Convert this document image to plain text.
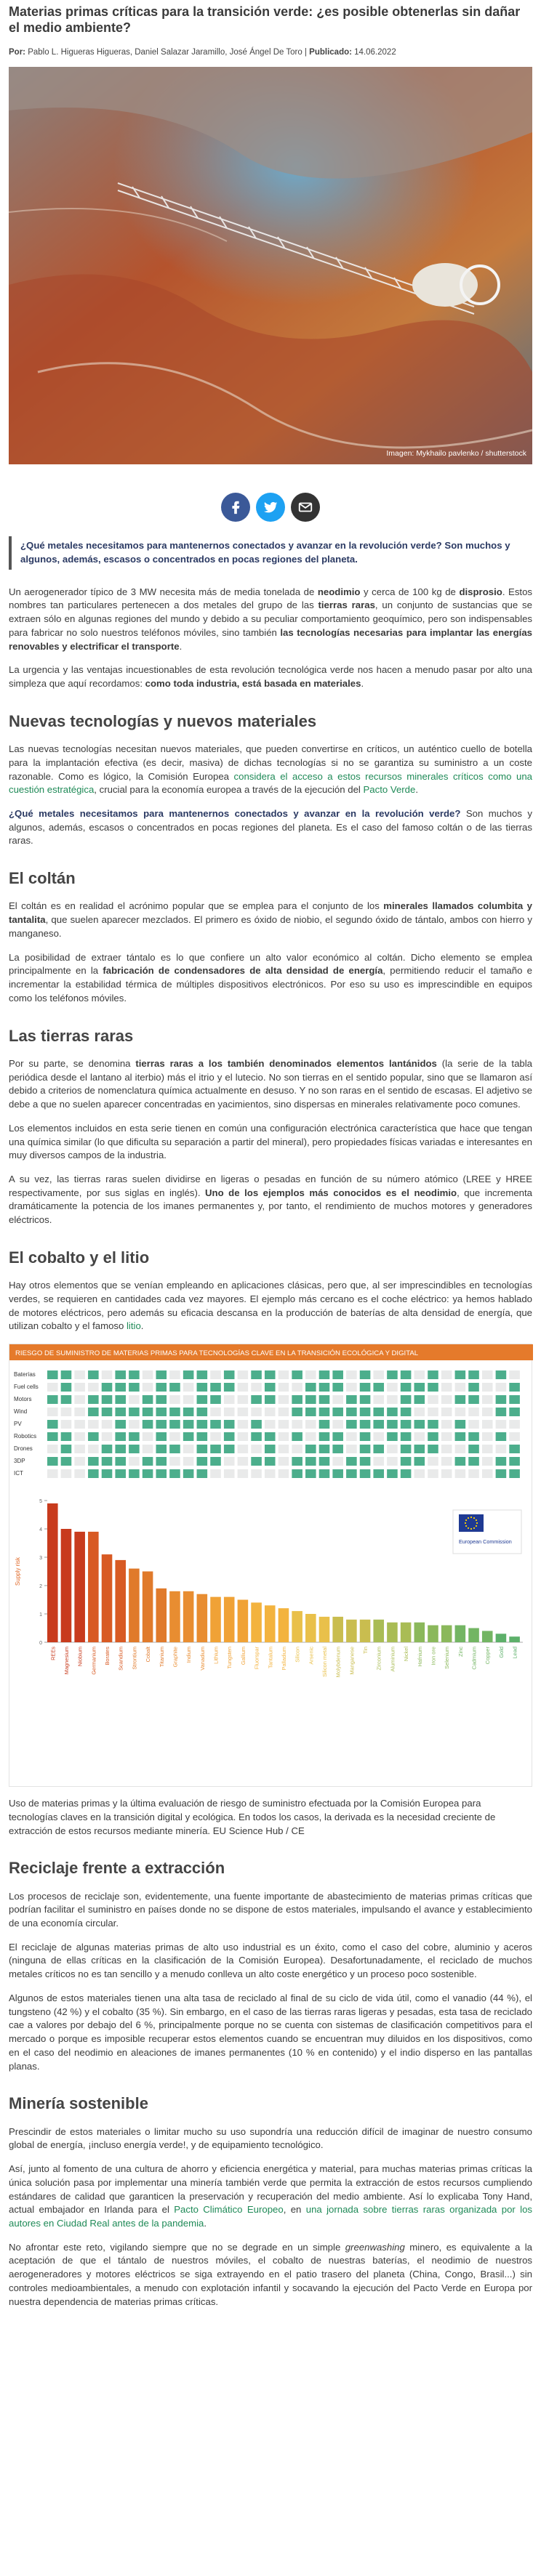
Materias primas críticas para la transición verde: ¿es posible obtenerlas sin dañar el medio ambiente?
Por: Pablo L. Higueras Higueras, Daniel Salazar Jaramillo, José Ángel De Toro | Publicado: 14.06.2022
Imagen: Mykhailo pavlenko / shutterstock
¿Qué metales necesitamos para mantenernos conectados y avanzar en la revolución verde? Son muchos y algunos, además, escasos o concentrados en pocas regiones del planeta.

Un aerogenerador típico de 3 MW necesita más de media tonelada de neodimio y cerca de 100 kg de disprosio. Estos nombres tan particulares pertenecen a dos metales del grupo de las tierras raras, un conjunto de sustancias que se extraen sólo en algunas regiones del mundo y debido a su peculiar comportamiento geoquímico, pero son indispensables para fabricar no solo nuestros teléfonos móviles, sino también las tecnologías necesarias para implantar las energías renovables y electrificar el transporte.

La urgencia y las ventajas incuestionables de esta revolución tecnológica verde nos hacen a menudo pasar por alto una simpleza que aquí recordamos: como toda industria, está basada en materiales.

Nuevas tecnologías y nuevos materiales

Las nuevas tecnologías necesitan nuevos materiales, que pueden convertirse en críticos, un auténtico cuello de botella para la implantación efectiva (es decir, masiva) de dichas tecnologías si no se garantiza su suministro a un coste razonable. Como es lógico, la Comisión Europea considera el acceso a estos recursos minerales críticos como una cuestión estratégica, crucial para la economía europea a través de la ejecución del Pacto Verde.

¿Qué metales necesitamos para mantenernos conectados y avanzar en la revolución verde? Son muchos y algunos, además, escasos o concentrados en pocas regiones del planeta. Es el caso del famoso coltán o de las tierras raras.

El coltán

El coltán es en realidad el acrónimo popular que se emplea para el conjunto de los minerales llamados columbita y tantalita, que suelen aparecer mezclados. El primero es óxido de niobio, el segundo óxido de tántalo, ambos con hierro y manganeso.

La posibilidad de extraer tántalo es lo que confiere un alto valor económico al coltán. Dicho elemento se emplea principalmente en la fabricación de condensadores de alta densidad de energía, permitiendo reducir el tamaño e incrementar la estabilidad térmica de múltiples dispositivos electrónicos. Por eso su uso es imprescindible en equipos como los teléfonos móviles.

Las tierras raras

Por su parte, se denomina tierras raras a los también denominados elementos lantánidos (la serie de la tabla periódica desde el lantano al iterbio) más el itrio y el lutecio. No son tierras en el sentido popular, sino que se llamaron así debido a criterios de nomenclatura química actualmente en desuso. Y no son raras en el sentido de escasas. El adjetivo se debe a que no suelen aparecer concentradas en yacimientos, sino dispersas en minerales relativamente poco comunes.

Los elementos incluidos en esta serie tienen en común una configuración electrónica característica que hace que tengan una química similar (lo que dificulta su separación a partir del mineral), pero propiedades físicas variadas e interesantes en muy diversos campos de la industria.

A su vez, las tierras raras suelen dividirse en ligeras o pesadas en función de su número atómico (LREE y HREE respectivamente, por sus siglas en inglés). Uno de los ejemplos más conocidos es el neodimio, que incrementa dramáticamente la potencia de los imanes permanentes y, por tanto, el rendimiento de muchos motores y generadores eléctricos.

El cobalto y el litio

Hay otros elementos que se venían empleando en aplicaciones clásicas, pero que, al ser imprescindibles en tecnologías verdes, se requieren en cantidades cada vez mayores. El ejemplo más cercano es el coche eléctrico: ya hemos hablado de motores eléctricos, pero además su eficacia descansa en la producción de baterías de alta densidad de energía, que utilizan cobalto y el famoso litio.

RIESGO DE SUMINISTRO DE MATERIAS PRIMAS PARA TECNOLOGÍAS CLAVE EN LA TRANSICIÓN ECOLÓGICA Y DIGITAL
Baterías
Fuel cells
Motors
Wind
PV
Robotics
Drones
3DP
ICT
Supply risk
0
1
2
3
4
5
REEs Magnesium Niobium Germanium Borates Scandium Strontium Cobalt Titanium Graphite Indium Vanadium Lithium Tungsten Gallium Fluorspar Tantalum Palladium Silicon Arsenic Silicon metal Molybdenum Manganese Tin Zirconium Aluminium Nickel Hafnium Iron ore Selenium Zinc Cadmium Copper Gold Lead
European Commission

Uso de materias primas y la última evaluación de riesgo de suministro efectuada por la Comisión Europea para tecnologías claves en la transición digital y ecológica. En todos los casos, la derivada es la necesidad creciente de extracción de estos recursos mediante minería. EU Science Hub / CE

Reciclaje frente a extracción

Los procesos de reciclaje son, evidentemente, una fuente importante de abastecimiento de materias primas críticas que podrían facilitar el suministro en países donde no se dispone de estos materiales, impulsando el avance y establecimiento de una economía circular.

El reciclaje de algunas materias primas de alto uso industrial es un éxito, como el caso del cobre, aluminio y aceros (ninguna de ellas críticas en la clasificación de la Comisión Europea). Desafortunadamente, el reciclado de muchos metales críticos no es tan sencillo y a menudo conlleva un alto coste energético y un proceso poco sostenible.

Algunos de estos materiales tienen una alta tasa de reciclado al final de su ciclo de vida útil, como el vanadio (44 %), el tungsteno (42 %) y el cobalto (35 %). Sin embargo, en el caso de las tierras raras ligeras y pesadas, esta tasa de reciclado cae a valores por debajo del 6 %, principalmente porque no se cuenta con sistemas de clasificación competitivos para el mercado o porque es imposible recuperar estos elementos cuando se encuentran muy diluidos en los dispositivos, como en el caso del neodimio en aleaciones de imanes permanentes (10 % en contenido) y el indio disperso en las pantallas planas.

Minería sostenible

Prescindir de estos materiales o limitar mucho su uso supondría una reducción difícil de imaginar de nuestro consumo global de energía, ¡incluso energía verde!, y de equipamiento tecnológico.

Así, junto al fomento de una cultura de ahorro y eficiencia energética y material, para muchas materias primas críticas la única solución pasa por implementar una minería también verde que permita la extracción de estos recursos cumpliendo estándares de calidad que garanticen la preservación y recuperación del medio ambiente. Así lo explicaba Tony Hand, actual embajador en Irlanda para el Pacto Climático Europeo, en una jornada sobre tierras raras organizada por los autores en Ciudad Real antes de la pandemia.

No afrontar este reto, vigilando siempre que no se degrade en un simple greenwashing minero, es equivalente a la aceptación de que el tántalo de nuestros móviles, el cobalto de nuestras baterías, el neodimio de nuestros aerogeneradores y motores eléctricos se siga extrayendo en el patio trasero del planeta (China, Congo, Brasil...) sin controles medioambientales, a menudo con explotación infantil y socavando la ejecución del Pacto Verde en Europa por nuestra dependencia de materias primas críticas.
